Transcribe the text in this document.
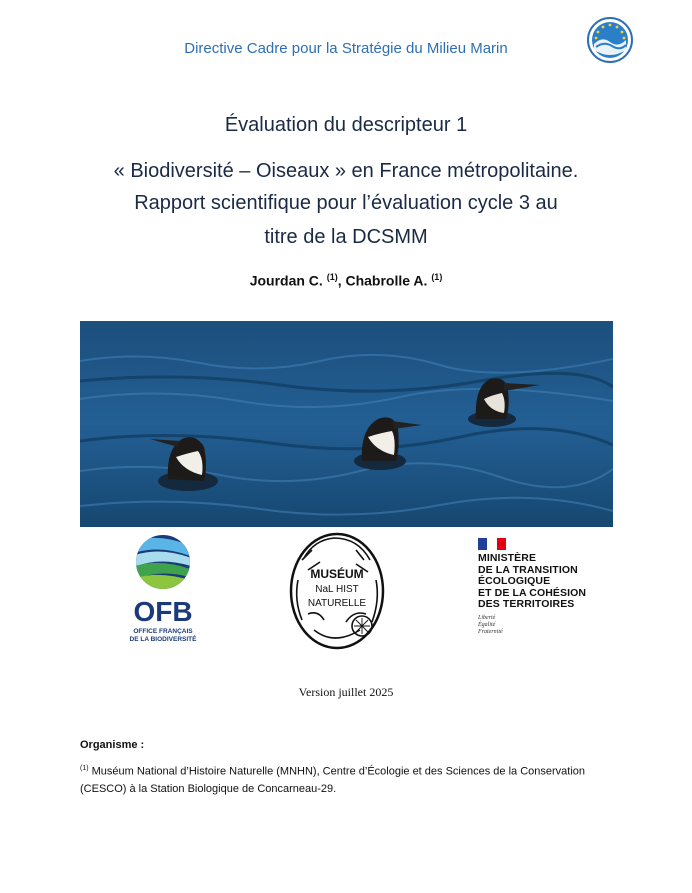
Directive Cadre pour la Stratégie du Milieu Marin
Évaluation du descripteur 1
« Biodiversité – Oiseaux » en France métropolitaine.
Rapport scientifique pour l’évaluation cycle 3 au
titre de la DCSMM
Jourdan C. $^{(1)}$, Chabrolle A. $^{(1)}$
OFB
OFFICE FRANÇAIS
DE LA BIODIVERSITÉ
MUSÉUM
NaL HIST
NATURELLE
MINISTÈRE
DE LA TRANSITION
ÉCOLOGIQUE
ET DE LA COHÉSION
DES TERRITOIRES
Liberté
Égalité
Fraternité
Version juillet 2025
Organisme :
$^{(1)}$ Muséum National d’Histoire Naturelle (MNHN), Centre d’Écologie et des Sciences de la Conservation (CESCO) à la Station Biologique de Concarneau-29.
